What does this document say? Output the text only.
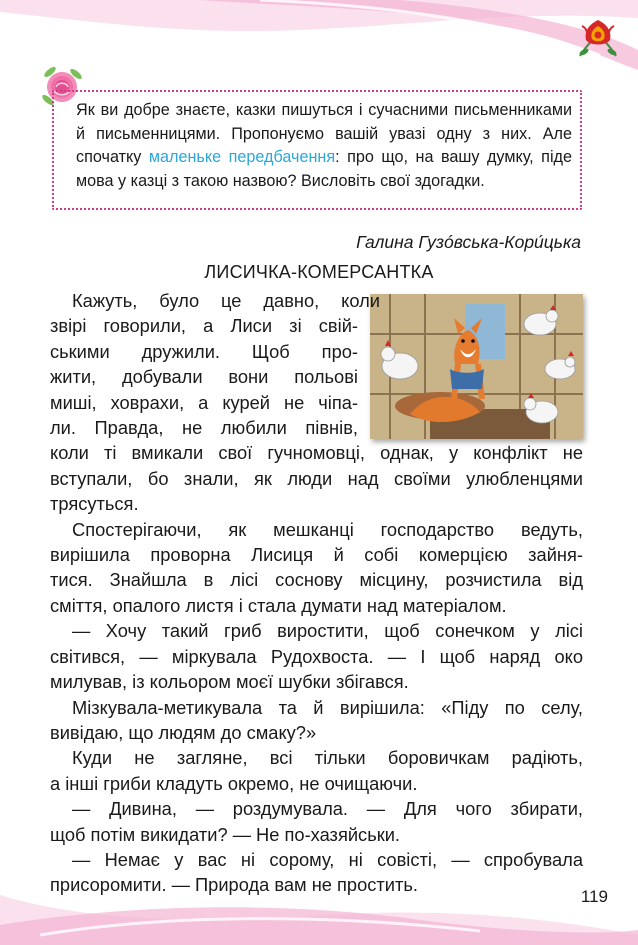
Як ви добре знаєте, казки пишуться і сучасними письменниками й письменницями. Пропонуємо вашій увазі одну з них. Але спочатку маленьке передбачення: про що, на вашу думку, піде мова у казці з такою назвою? Висловіть свої здогадки.
Галина Гузóвська-Кори́цька
ЛИСИЧКА-КОМЕРСАНТКА
Кажуть, було це давно, коли
звірі говорили, а Лиси зі свій-
ськими дружили. Щоб про-
жити, добували вони польові
миші, ховрахи, а курей не чіпа-
ли. Правда, не любили півнів,
коли ті вмикали свої гучномовці, однак, у конфлікт не
вступали, бо знали, як люди над своїми улюбленцями
трясуться.
Спостерігаючи, як мешканці господарство ведуть,
вирішила проворна Лисиця й собі комерцією зайня-
тися. Знайшла в лісі соснову місцину, розчистила від
сміття, опалого листя і стала думати над матеріалом.
— Хочу такий гриб виростити, щоб сонечком у лісі
світився, — міркувала Рудохвоста. — І щоб наряд око
милував, із кольором моєї шубки збігався.
Мізкувала-метикувала та й вирішила: «Піду по селу,
вивідаю, що людям до смаку?»
Куди не загляне, всі тільки боровичкам радіють,
а інші гриби кладуть окремо, не очищаючи.
— Дивина, — роздумувала. — Для чого збирати,
щоб потім викидати? — Не по-хазяйськи.
— Немає у вас ні сорому, ні совісті, — спробувала
присоромити. — Природа вам не простить.
119
